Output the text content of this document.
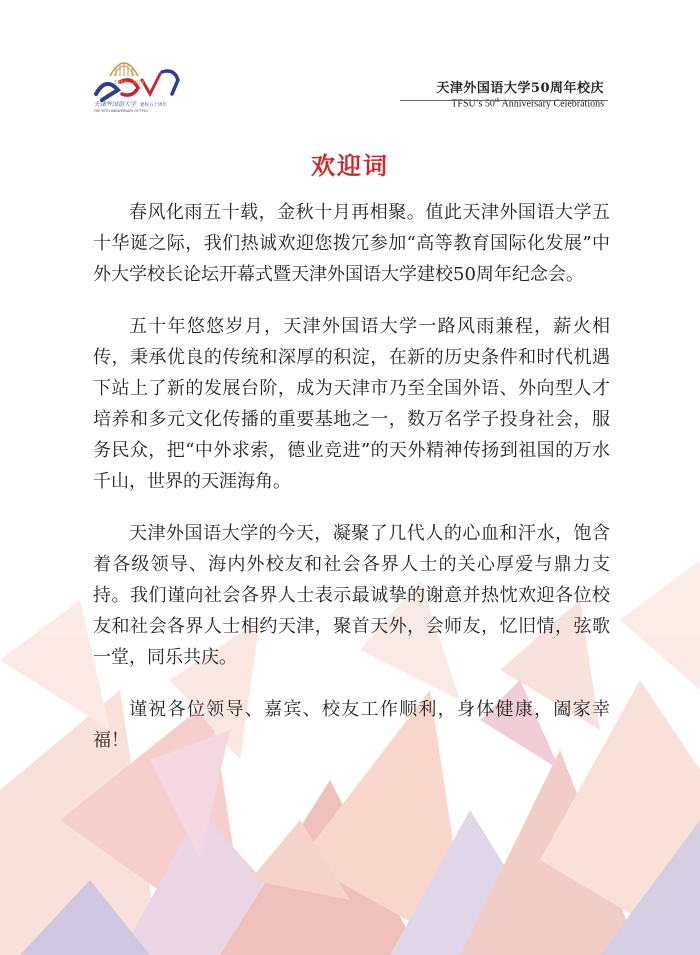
1964—2014
天津外国语大学 建校五十周年
THE 50TH ANNIVERSARY OF TFSU
天津外国语大学50周年校庆
TFSU’s 50th Anniversary Celebrations
欢迎词

春风化雨五十载，金秋十月再相聚。值此天津外国语大学五十华诞之际，我们热诚欢迎您拨冗参加“高等教育国际化发展”中外大学校长论坛开幕式暨天津外国语大学建校50周年纪念会。

五十年悠悠岁月，天津外国语大学一路风雨兼程，薪火相传，秉承优良的传统和深厚的积淀，在新的历史条件和时代机遇下站上了新的发展台阶，成为天津市乃至全国外语、外向型人才培养和多元文化传播的重要基地之一，数万名学子投身社会，服务民众，把“中外求索，德业竞进”的天外精神传扬到祖国的万水千山，世界的天涯海角。

天津外国语大学的今天，凝聚了几代人的心血和汗水，饱含着各级领导、海内外校友和社会各界人士的关心厚爱与鼎力支持。我们谨向社会各界人士表示最诚挚的谢意并热忱欢迎各位校友和社会各界人士相约天津，聚首天外，会师友，忆旧情，弦歌一堂，同乐共庆。

谨祝各位领导、嘉宾、校友工作顺利，身体健康，阖家幸福！
